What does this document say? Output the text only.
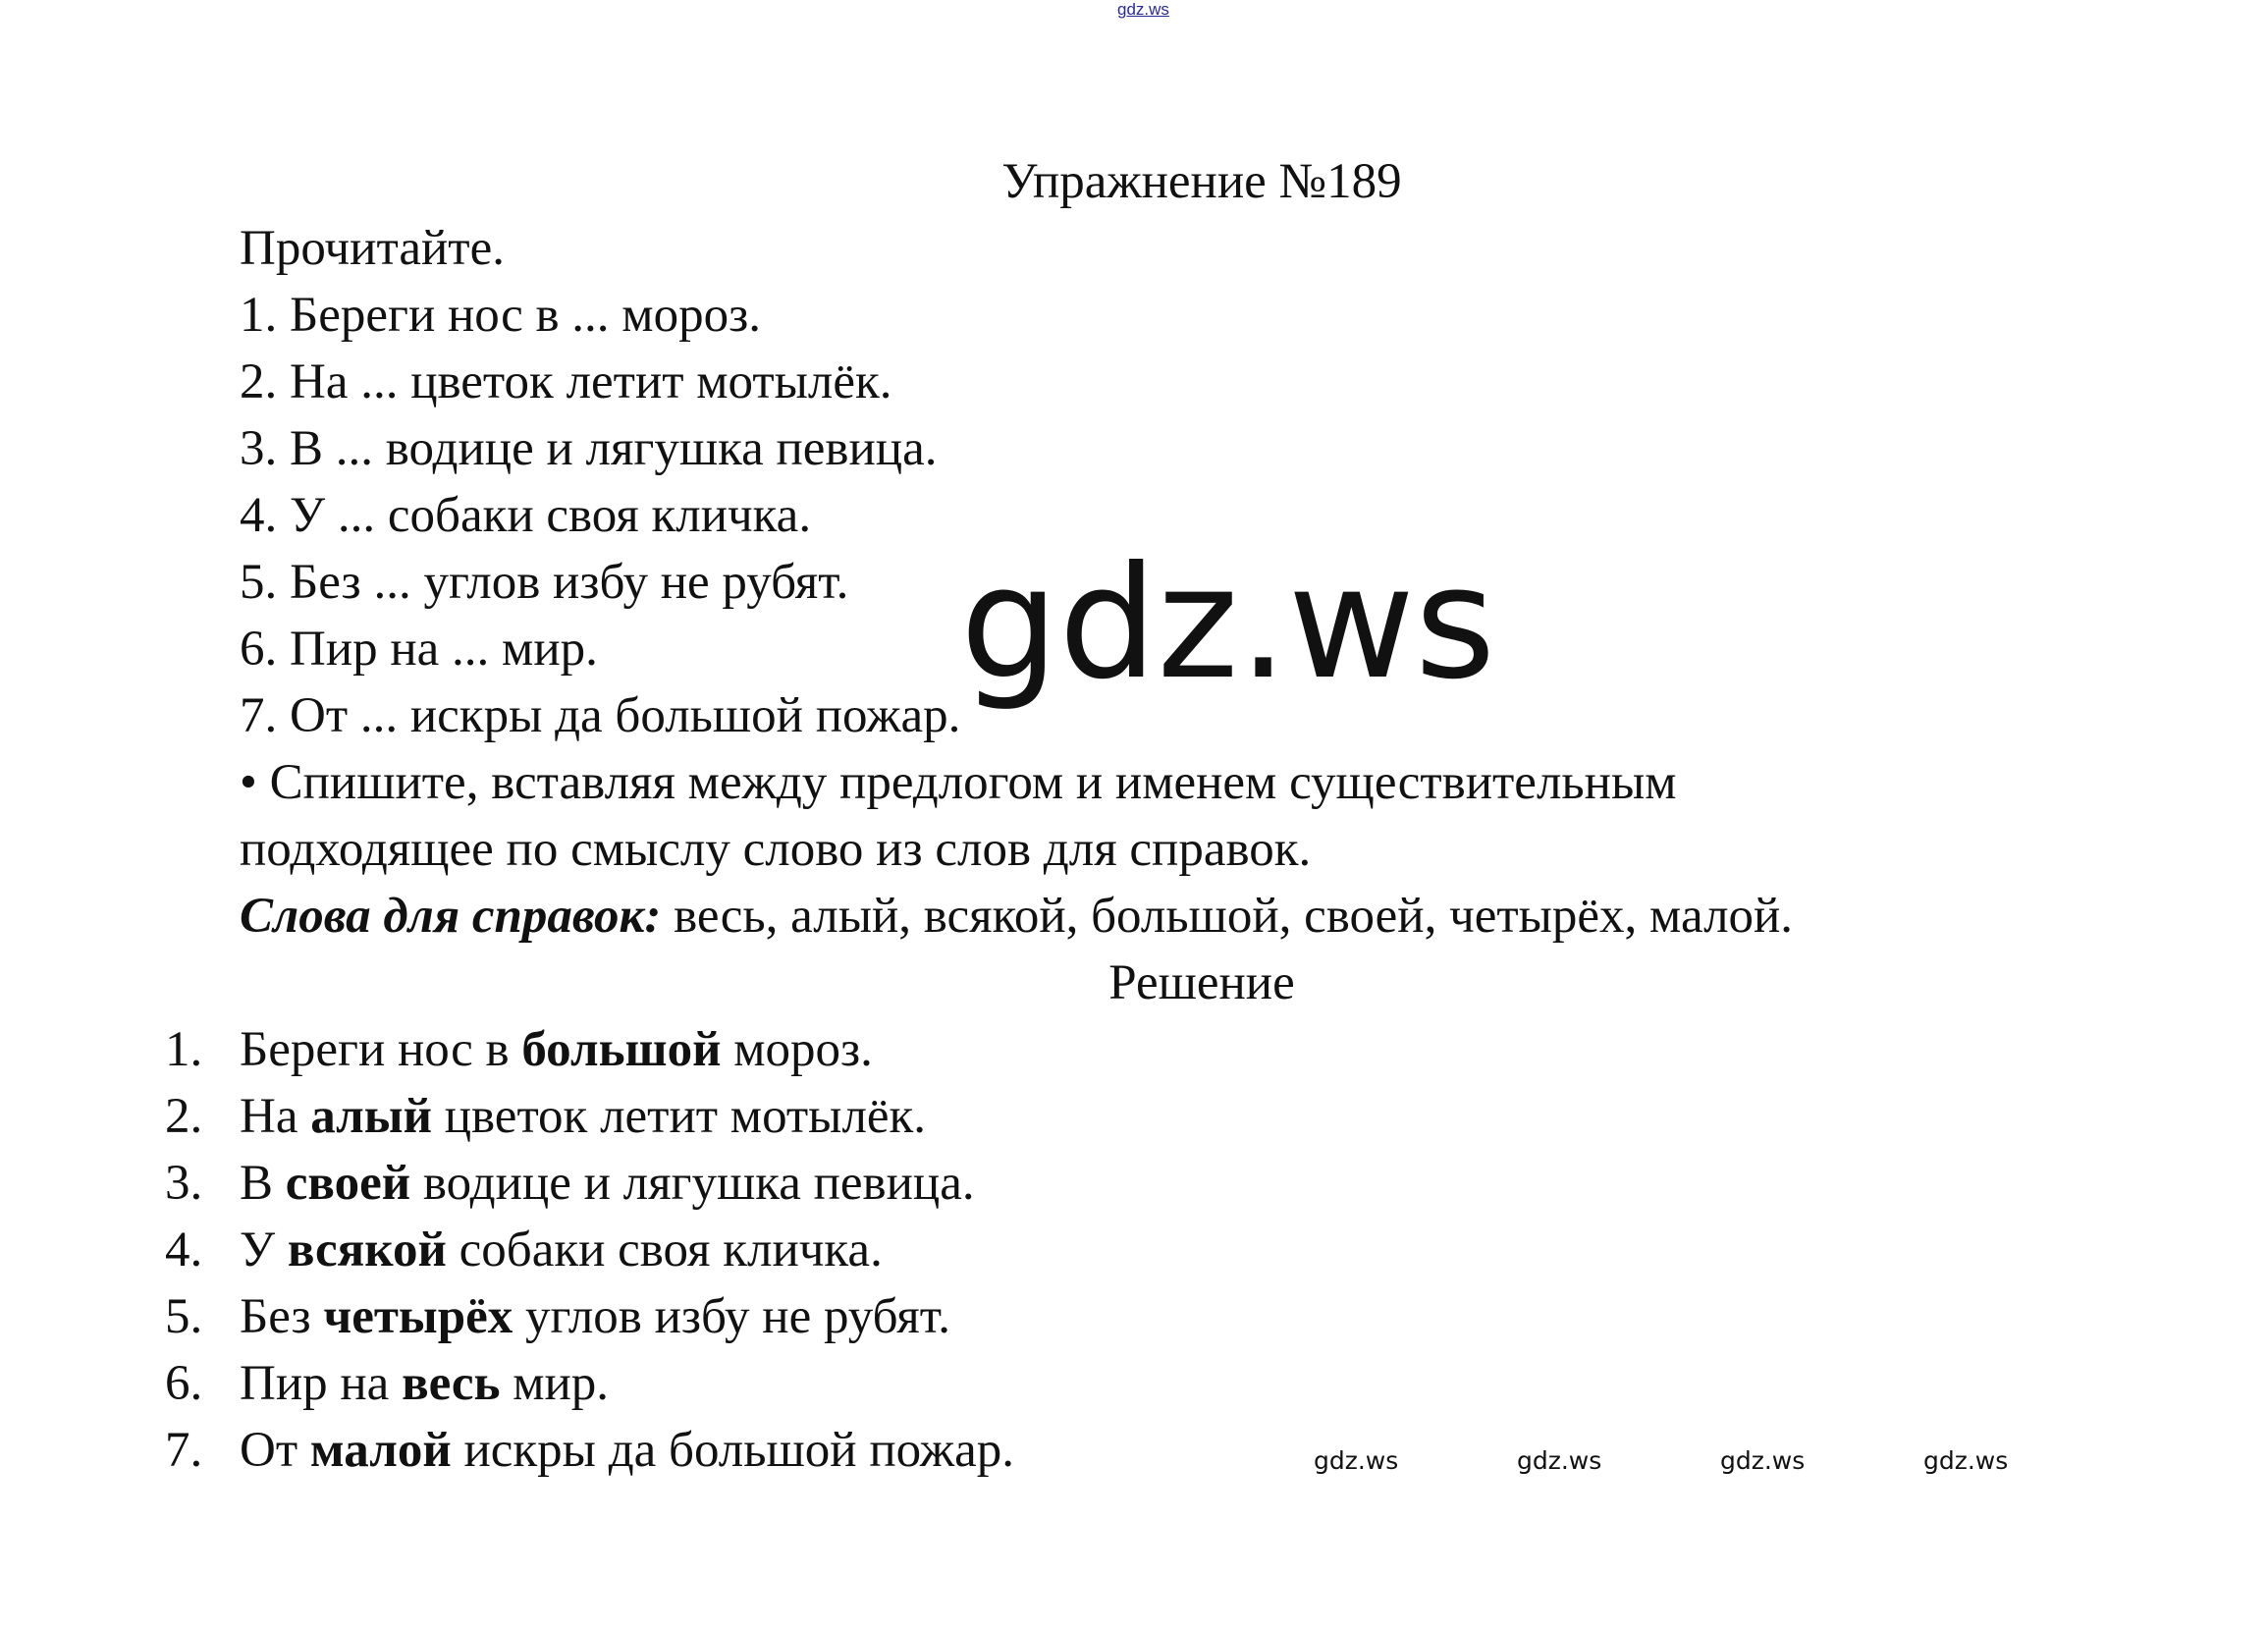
gdz.ws
Упражнение №189
Прочитайте.
1. Береги нос в ... мороз.
2. На ... цветок летит мотылёк.
3. В ... водице и лягушка певица.
4. У ... собаки своя кличка.
5. Без ... углов избу не рубят.
6. Пир на ... мир.
7. От ... искры да большой пожар.
• Спишите, вставляя между предлогом и именем существительным
подходящее по смыслу слово из слов для справок.
Слова для справок: весь, алый, всякой, большой, своей, четырёх, малой.
Решение
1. Береги нос в большой мороз.
2. На алый цветок летит мотылёк.
3. В своей водице и лягушка певица.
4. У всякой собаки своя кличка.
5. Без четырёх углов избу не рубят.
6. Пир на весь мир.
7. От малой искры да большой пожар.
gdz.ws
gdz.ws	gdz.ws	gdz.ws	gdz.ws
